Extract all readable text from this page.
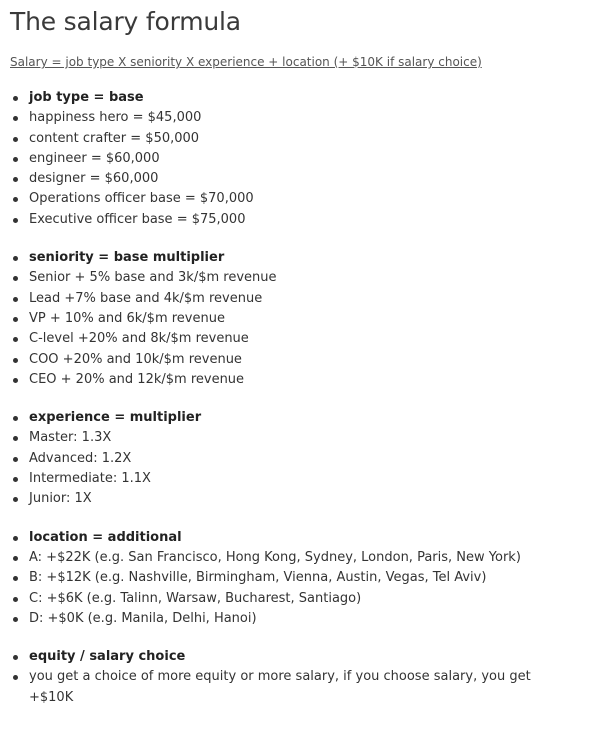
The salary formula
Salary = job type X seniority X experience + location (+ $10K if salary choice)
job type = base
happiness hero = $45,000
content crafter = $50,000
engineer = $60,000
designer = $60,000
Operations officer base = $70,000
Executive officer base = $75,000
seniority = base multiplier
Senior + 5% base and 3k/$m revenue
Lead +7% base and 4k/$m revenue
VP + 10% and 6k/$m revenue
C-level +20% and 8k/$m revenue
COO +20% and 10k/$m revenue
CEO + 20% and 12k/$m revenue
experience = multiplier
Master: 1.3X
Advanced: 1.2X
Intermediate: 1.1X
Junior: 1X
location = additional
A: +$22K (e.g. San Francisco, Hong Kong, Sydney, London, Paris, New York)
B: +$12K (e.g. Nashville, Birmingham, Vienna, Austin, Vegas, Tel Aviv)
C: +$6K (e.g. Talinn, Warsaw, Bucharest, Santiago)
D: +$0K (e.g. Manila, Delhi, Hanoi)
equity / salary choice
you get a choice of more equity or more salary, if you choose salary, you get +$10K
